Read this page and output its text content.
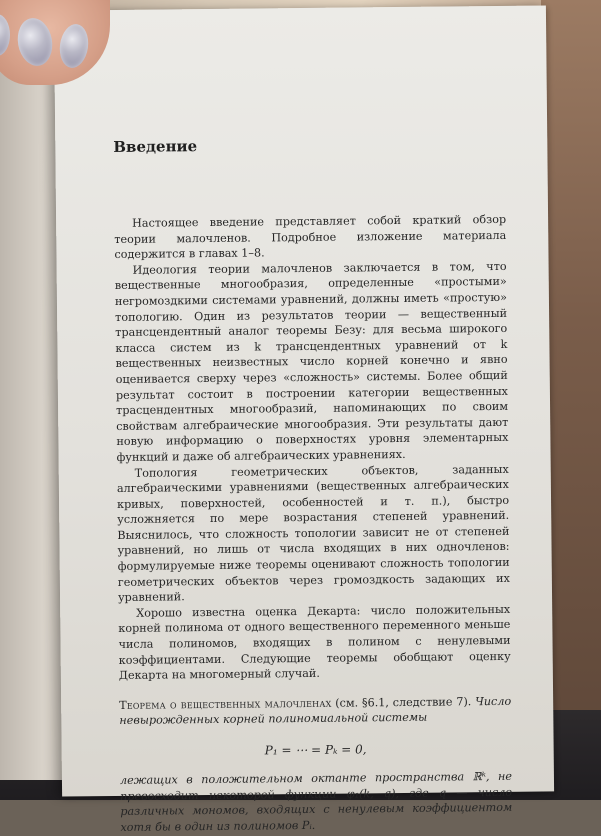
Введение

Настоящее введение представляет собой краткий обзор теории малочленов. Подробное изложение материала содержится в главах 1–8.

Идеология теории малочленов заключается в том, что вещественные многообразия, определенные «простыми» негромоздкими системами уравнений, должны иметь «простую» топологию. Один из результатов теории — вещественный трансцендентный аналог теоремы Безу: для весьма широкого класса систем из k трансцендентных уравнений от k вещественных неизвестных число корней конечно и явно оценивается сверху через «сложность» системы. Более общий результат состоит в построении категории вещественных трасцендентных многообразий, напоминающих по своим свойствам алгебраические многообразия. Эти результаты дают новую информацию о поверхностях уровня элементарных функций и даже об алгебраических уравнениях.

Топология геометрических объектов, заданных алгебраическими уравнениями (вещественных алгебраических кривых, поверхностей, особенностей и т. п.), быстро усложняется по мере возрастания степеней уравнений. Выяснилось, что сложность топологии зависит не от степеней уравнений, но лишь от числа входящих в них одночленов: формулируемые ниже теоремы оценивают сложность топологии геометрических объектов через громоздкость задающих их уравнений.

Хорошо известна оценка Декарта: число положительных корней полинома от одного вещественного переменного меньше числа полиномов, входящих в полином с ненулевыми коэффициентами. Следующие теоремы обобщают оценку Декарта на многомерный случай.

Теорема о вещественных малочленах (см. §6.1, следствие 7). Число невырожденных корней полиномиальной системы
P₁ = ⋯ = Pₖ = 0,
лежащих в положительном октанте пространства ℝᵏ, не превосходит некоторой функции φ₁(k, q), где q — число различных мономов, входящих с ненулевым коэффициентом хотя бы в один из полиномов Pᵢ.
